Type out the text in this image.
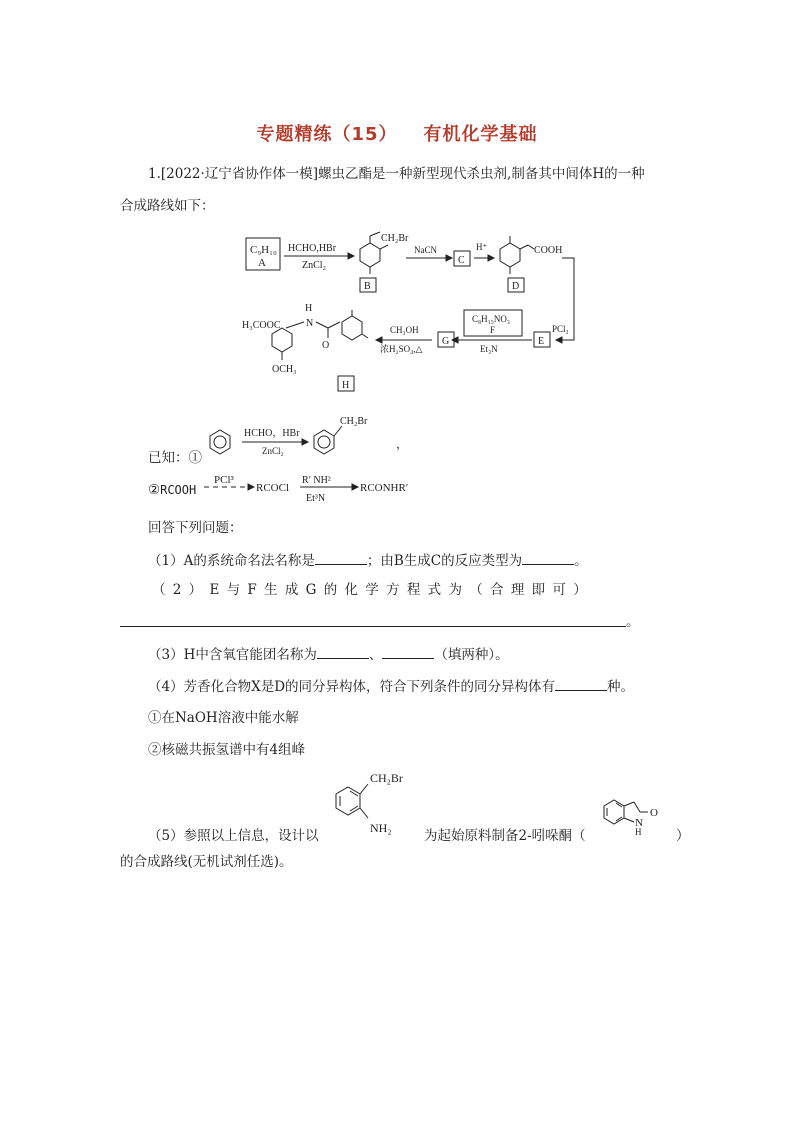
专题精练（15） 有机化学基础
1.[2022·辽宁省协作体一模]螺虫乙酯是一种新型现代杀虫剂,制备其中间体H的一种
合成路线如下：
C₉H₁₀
A
HCHO,HBr
ZnCl₂
CH₂Br
B
NaCN
C
H⁺	COOH
D
PCl₃
E
C₈H₁₅NO₃
F
Et₃N
G
CH₃OH
浓H₂SO₄,△
H₃COOC
OCH₃
H
N
O
H
已知：①
HCHO，HBr
ZnCl₂
CH₂Br
，
②RCOOH
PCl³
RCOCl
R′ NH²
Et³N
RCONHR′
回答下列问题：
（1）A的系统命名法名称是	；由B生成C的反应类型为	。
（ 2 ） E 与 F 生 成 G 的 化 学 方 程 式 为 （ 合 理 即 可 ）
。
（3）H中含氧官能团名称为	、	（填两种）。
（4）芳香化合物X是D的同分异构体，符合下列条件的同分异构体有	种。
①在NaOH溶液中能水解
②核磁共振氢谱中有4组峰
（5）参照以上信息，设计以
CH₂Br
NH₂ 为起始原料制备2-吲哚酮（
O
N
H	）
的合成路线(无机试剂任选)。
